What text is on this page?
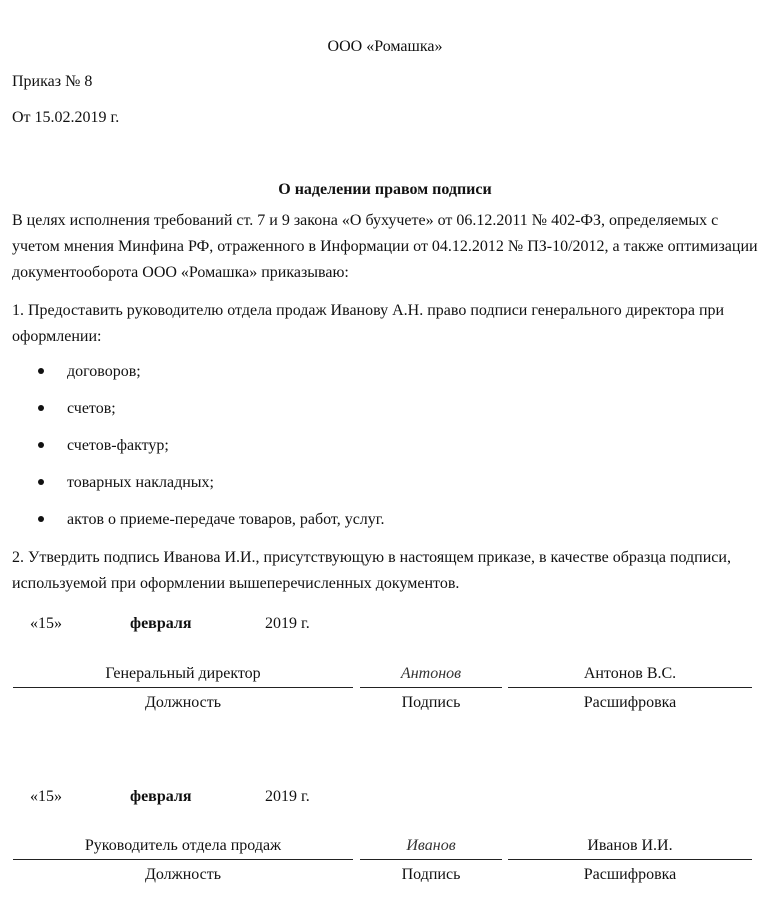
ООО «Ромашка»
Приказ № 8
От 15.02.2019 г.
О наделении правом подписи
В целях исполнения требований ст. 7 и 9 закона «О бухучете» от 06.12.2011 № 402-ФЗ, определяемых с учетом мнения Минфина РФ, отраженного в Информации от 04.12.2012 № ПЗ-10/2012, а также оптимизации документооборота ООО «Ромашка» приказываю:
1. Предоставить руководителю отдела продаж Иванову А.Н. право подписи генерального директора при оформлении:
договоров;
счетов;
счетов-фактур;
товарных накладных;
актов о приеме-передаче товаров, работ, услуг.
2. Утвердить подпись Иванова И.И., присутствующую в настоящем приказе, в качестве образца подписи, используемой при оформлении вышеперечисленных документов.
«15»	февраля	2019 г.
Генеральный директор	Антонов	Антонов В.С.
Должность	Подпись	Расшифровка
«15»	февраля	2019 г.
Руководитель отдела продаж	Иванов	Иванов И.И.
Должность	Подпись	Расшифровка
